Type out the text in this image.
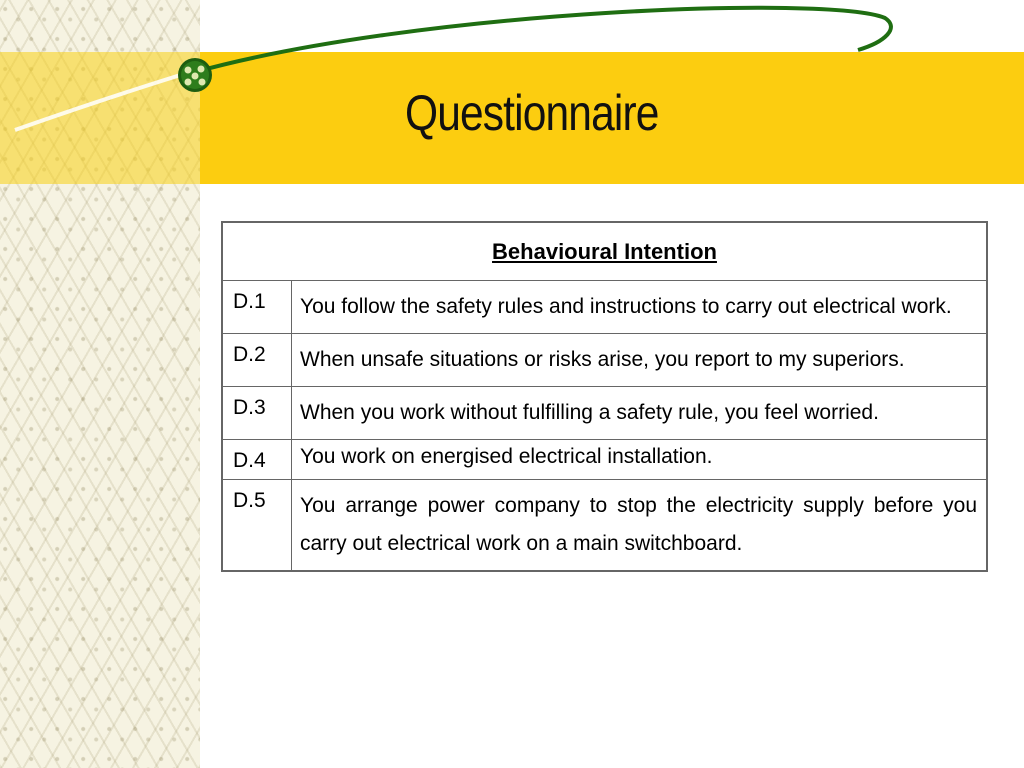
Questionnaire
Behavioural Intention	
D.1	You follow the safety rules and instructions to carry out electrical work.
D.2	When unsafe situations or risks arise, you report to my superiors.
D.3	When you work without fulfilling a safety rule, you feel worried.
D.4	You work on energised electrical installation.
D.5	You arrange power company to stop the electricity supply before you carry out electrical work on a main switchboard.
